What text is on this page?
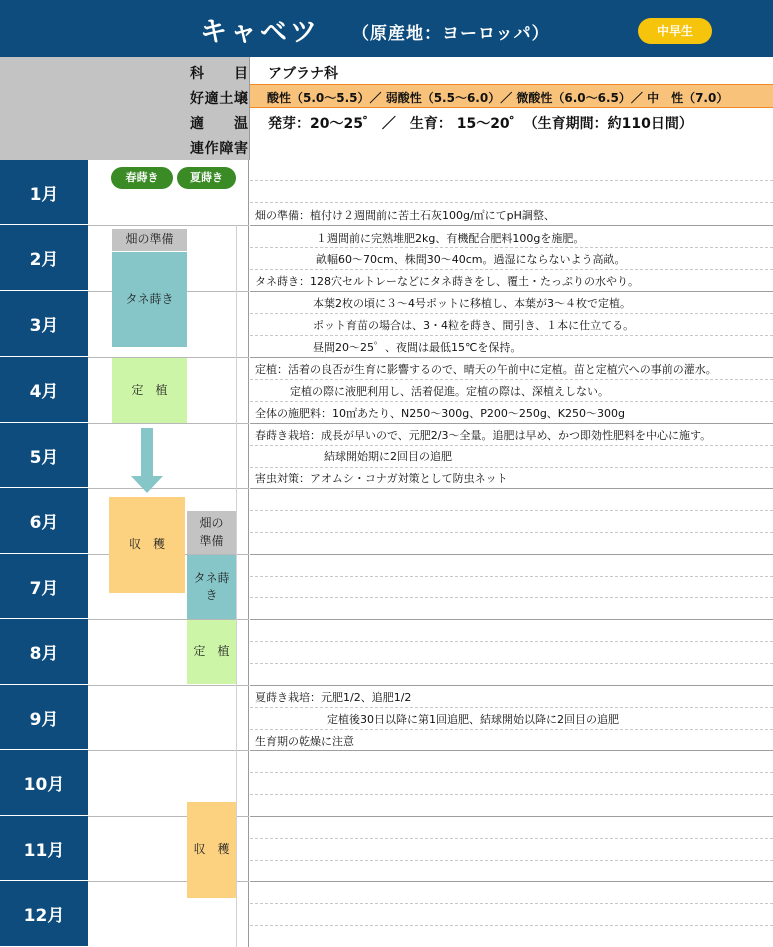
キャベツ （原産地：ヨーロッパ）	中早生
科　目
好適土壌
適　温
連作障害
アブラナ科
酸性（5.0〜5.5）／ 弱酸性（5.5〜6.0）／ 微酸性（6.0〜6.5）／ 中　性（7.0）
発芽：20〜25゜ ／　生育： 15〜20゜（生育期間：約110日間）
1月
2月
3月
4月
5月
6月
7月
8月
9月
10月
11月
12月
春蒔き	夏蒔き
畑の準備
タネ蒔き
定　植
収　穫
畑の
準備
タネ蒔
き
定　植
収　穫
畑の準備：植付け２週間前に苦土石灰100g/㎡にてpH調整、
１週間前に完熟堆肥2kg、有機配合肥料100gを施肥。
畝幅60〜70cm、株間30〜40cm。過湿にならないよう高畝。
タネ蒔き：128穴セルトレーなどにタネ蒔きをし、覆土・たっぷりの水やり。
本葉2枚の頃に３〜4号ポットに移植し、本葉が3〜４枚で定植。
ポット育苗の場合は、3・4粒を蒔き、間引き、１本に仕立てる。
昼間20〜25゜、夜間は最低15℃を保持。
定植：活着の良否が生育に影響するので、晴天の午前中に定植。苗と定植穴への事前の灌水。
定植の際に液肥利用し、活着促進。定植の際は、深植えしない。
全体の施肥料：10㎡あたり、N250〜300g、P200〜250g、K250〜300g
春蒔き栽培：成長が早いので、元肥2/3〜全量。追肥は早め、かつ即効性肥料を中心に施す。
結球開始期に2回目の追肥
害虫対策：アオムシ・コナガ対策として防虫ネット
夏蒔き栽培：元肥1/2、追肥1/2
定植後30日以降に第1回追肥、結球開始以降に2回目の追肥
生育期の乾燥に注意
